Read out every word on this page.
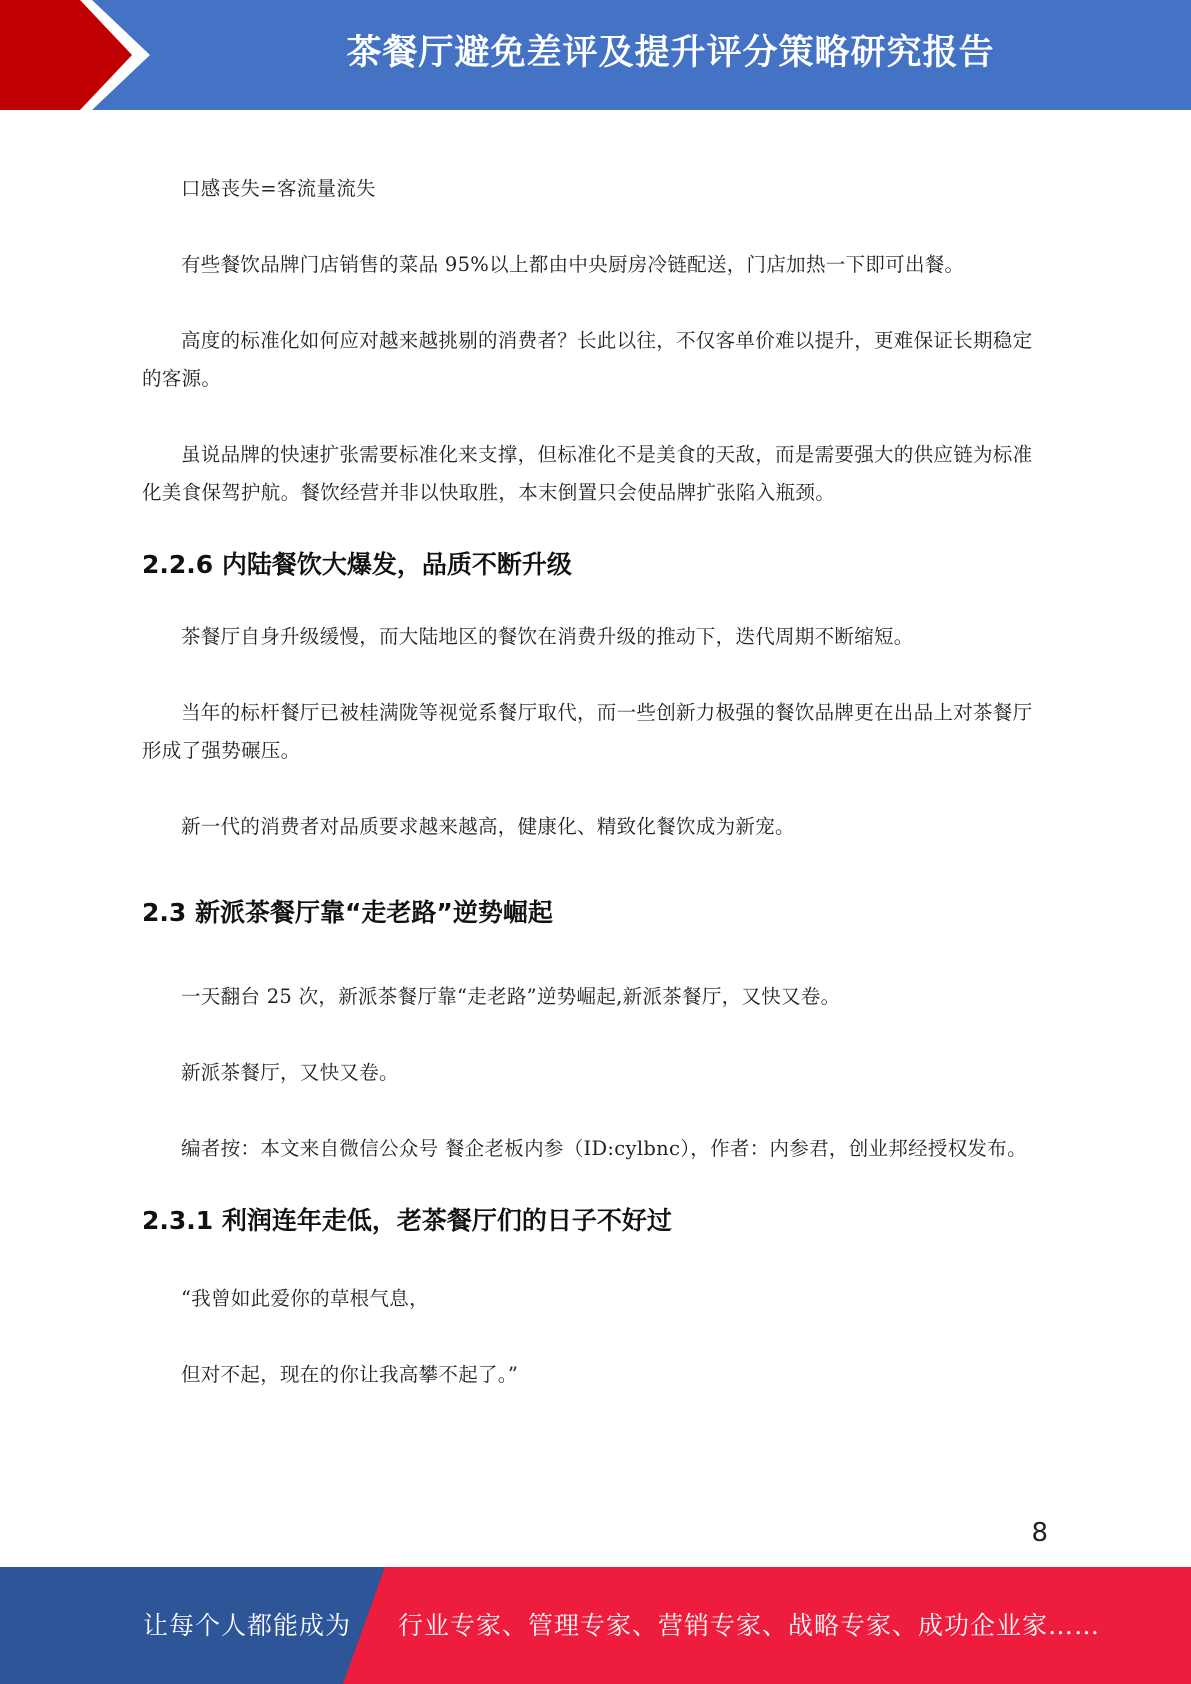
茶餐厅避免差评及提升评分策略研究报告

口感丧失=客流量流失

有些餐饮品牌门店销售的菜品 95%以上都由中央厨房冷链配送，门店加热一下即可出餐。

高度的标准化如何应对越来越挑剔的消费者？长此以往，不仅客单价难以提升，更难保证长期稳定的客源。

虽说品牌的快速扩张需要标准化来支撑，但标准化不是美食的天敌，而是需要强大的供应链为标准化美食保驾护航。餐饮经营并非以快取胜，本末倒置只会使品牌扩张陷入瓶颈。

2.2.6 内陆餐饮大爆发，品质不断升级

茶餐厅自身升级缓慢，而大陆地区的餐饮在消费升级的推动下，迭代周期不断缩短。

当年的标杆餐厅已被桂满陇等视觉系餐厅取代，而一些创新力极强的餐饮品牌更在出品上对茶餐厅形成了强势碾压。

新一代的消费者对品质要求越来越高，健康化、精致化餐饮成为新宠。

2.3 新派茶餐厅靠“走老路”逆势崛起

一天翻台 25 次，新派茶餐厅靠“走老路”逆势崛起,新派茶餐厅，又快又卷。

新派茶餐厅，又快又卷。

编者按：本文来自微信公众号 餐企老板内参（ID:cylbnc），作者：内参君，创业邦经授权发布。

2.3.1 利润连年走低，老茶餐厅们的日子不好过

“我曾如此爱你的草根气息，

但对不起，现在的你让我高攀不起了。”

8
让每个人都能成为 行业专家、管理专家、营销专家、战略专家、成功企业家……
